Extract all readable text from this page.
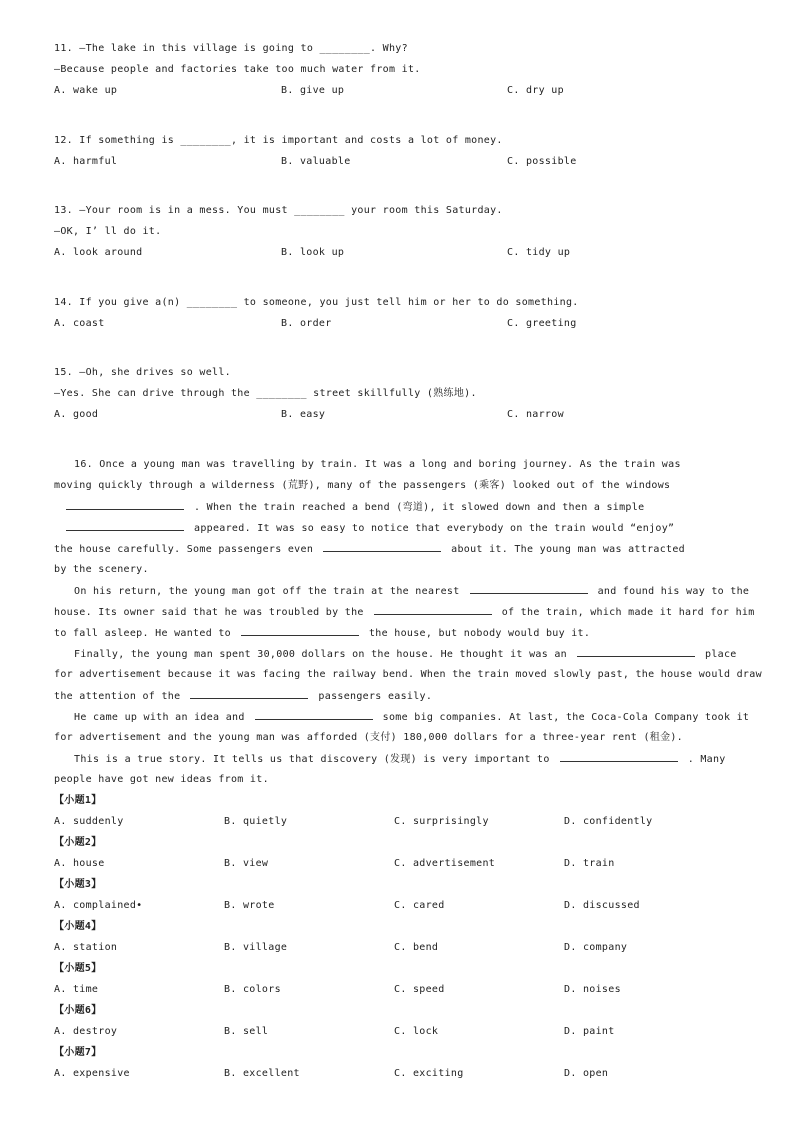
11. —The lake in this village is going to ________. Why?
—Because people and factories take too much water from it.
A. wake up	B. give up	C. dry up
12. If something is ________, it is important and costs a lot of money.
A. harmful	B. valuable	C. possible
13. —Your room is in a mess. You must ________ your room this Saturday.
—OK, I’ ll do it.
A. look around	B. look up	C. tidy up
14. If you give a(n) ________ to someone, you just tell him or her to do something.
A. coast	B. order	C. greeting
15. —Oh, she drives so well.
—Yes. She can drive through the ________ street skillfully (熟练地).
A. good	B. easy	C. narrow
16. Once a young man was travelling by train. It was a long and boring journey. As the train was
moving quickly through a wilderness (荒野), many of the passengers (乘客) looked out of the windows
. When the train reached a bend (弯道), it slowed down and then a simple
appeared. It was so easy to notice that everybody on the train would “enjoy”
the house carefully. Some passengers even	about it. The young man was attracted
by the scenery.
On his return, the young man got off the train at the nearest	and found his way to the
house. Its owner said that he was troubled by the	of the train, which made it hard for him
to fall asleep. He wanted to	the house, but nobody would buy it.
Finally, the young man spent 30,000 dollars on the house. He thought it was an	place
for advertisement because it was facing the railway bend. When the train moved slowly past, the house would draw
the attention of the	passengers easily.
He came up with an idea and	some big companies. At last, the Coca-Cola Company took it
for advertisement and the young man was afforded (支付) 180,000 dollars for a three-year rent (租金).
This is a true story. It tells us that discovery (发现) is very important to	. Many
people have got new ideas from it.
【小题1】
A. suddenly	B. quietly	C. surprisingly	D. confidently
【小题2】
A. house	B. view	C. advertisement	D. train
【小题3】
A. complained•	B. wrote	C. cared	D. discussed
【小题4】
A. station	B. village	C. bend	D. company
【小题5】
A. time	B. colors	C. speed	D. noises
【小题6】
A. destroy	B. sell	C. lock	D. paint
【小题7】
A. expensive	B. excellent	C. exciting	D. open
